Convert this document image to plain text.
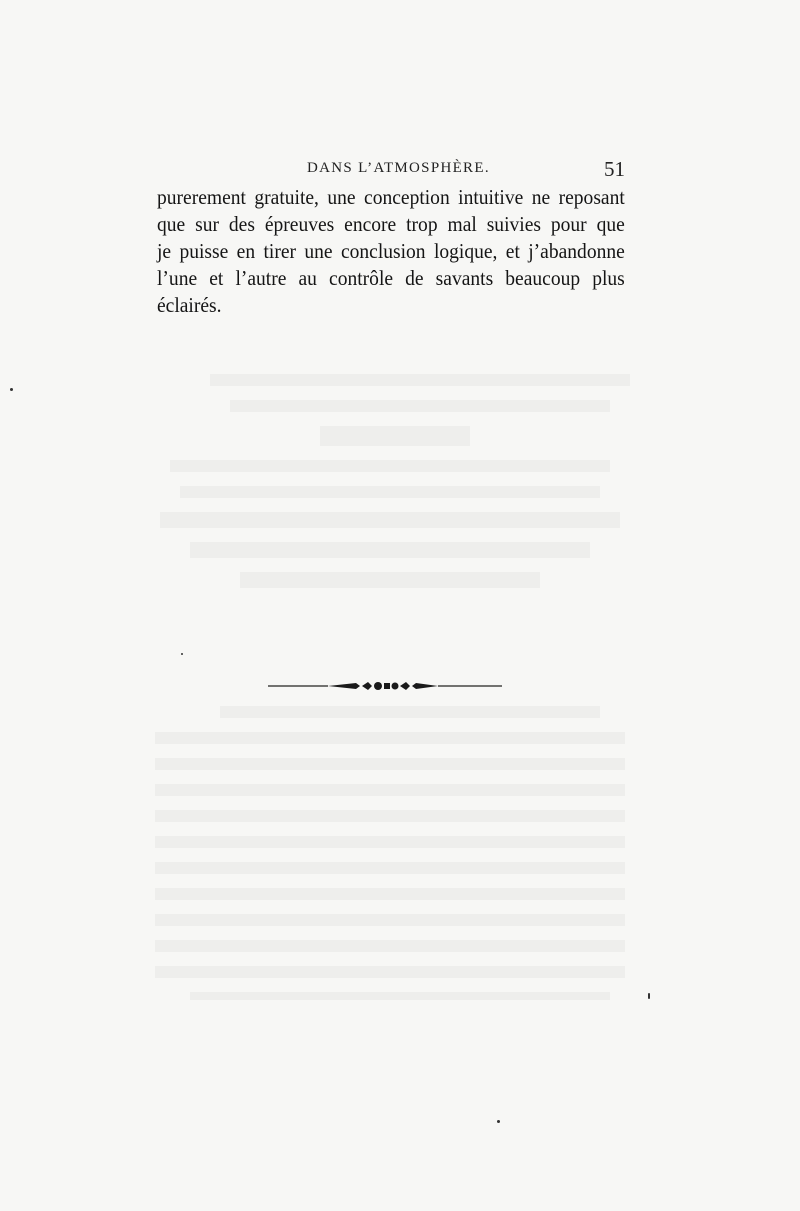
DANS L’ATMOSPHÈRE.	51
purerement gratuite, une conception intuitive ne reposant
que sur des épreuves encore trop mal suivies pour que
je puisse en tirer une conclusion logique, et j’abandonne
l’une et l’autre au contrôle de savants beaucoup plus
éclairés.
